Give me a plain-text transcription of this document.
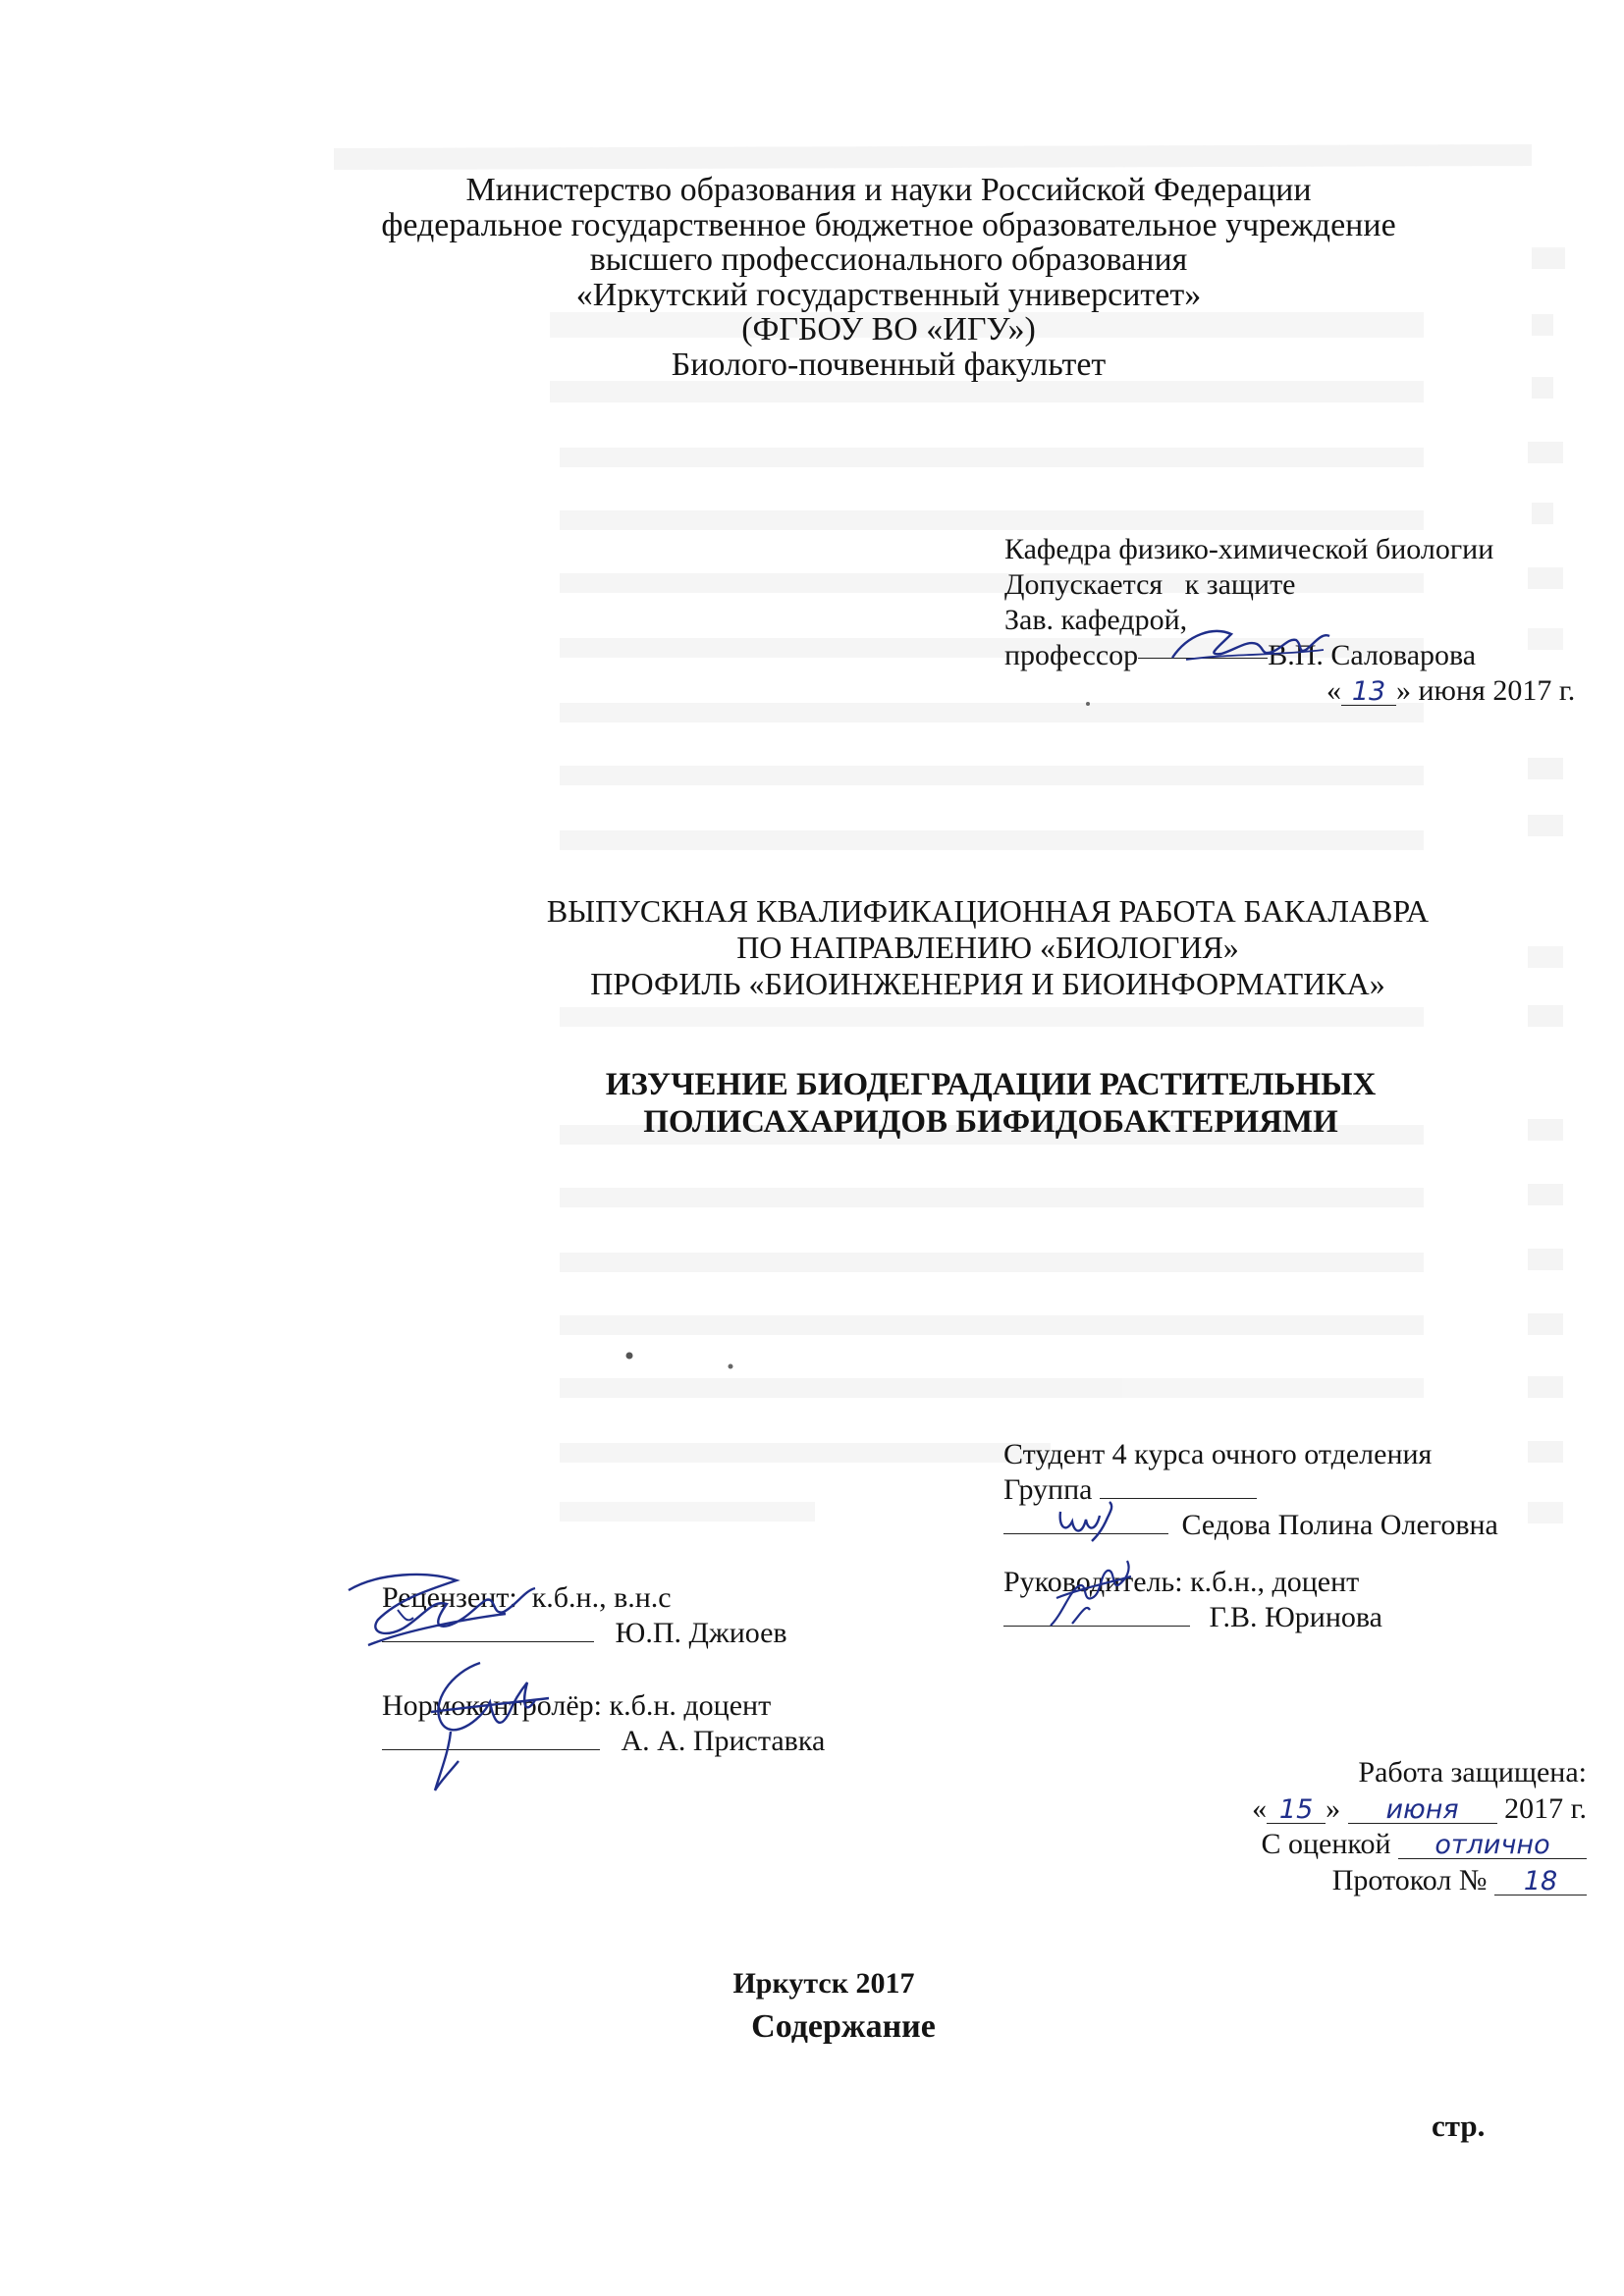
Министерство образования и науки Российской Федерации
федеральное государственное бюджетное образовательное учреждение
высшего профессионального образования
«Иркутский государственный университет»
(ФГБОУ ВО «ИГУ»)
Биолого-почвенный факультет
Кафедра физико-химической биологии
Допускается   к защите
Зав. кафедрой,
профессор	В.П. Саловарова
« 13 » июня 2017 г.
ВЫПУСКНАЯ КВАЛИФИКАЦИОННАЯ РАБОТА БАКАЛАВРА
ПО НАПРАВЛЕНИЮ «БИОЛОГИЯ»
ПРОФИЛЬ «БИОИНЖЕНЕРИЯ И БИОИНФОРМАТИКА»
ИЗУЧЕНИЕ БИОДЕГРАДАЦИИ РАСТИТЕЛЬНЫХ
ПОЛИСАХАРИДОВ БИФИДОБАКТЕРИЯМИ
Студент 4 курса очного отделения
Группа
Седова Полина Олеговна
Руководитель: к.б.н., доцент
Г.В. Юринова
Рецензент:  к.б.н., в.н.с
Ю.П. Джиоев
Нормоконтролёр: к.б.н. доцент
А. А. Приставка
Работа защищена:
« 15 » июня 2017 г.
С оценкой отлично
Протокол № 18
Иркутск 2017
Содержание
стр.
